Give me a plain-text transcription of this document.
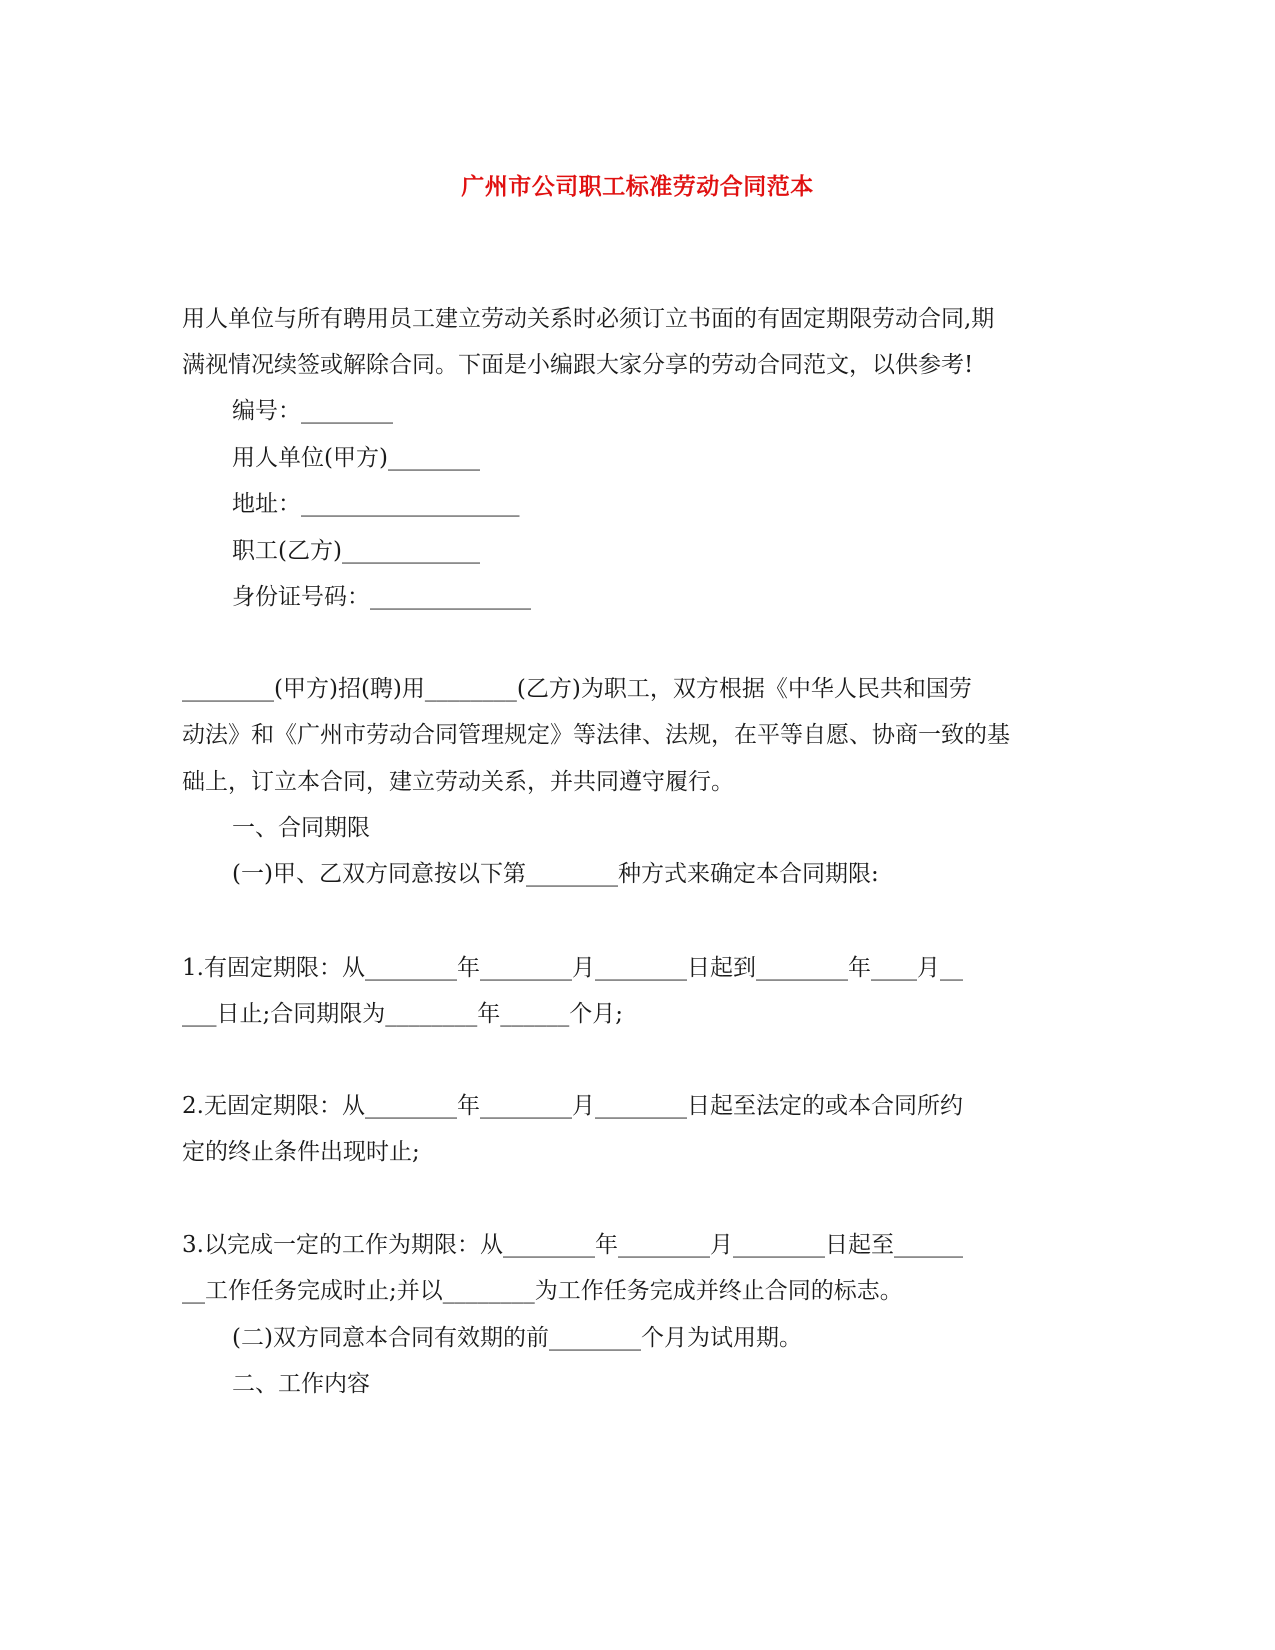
广州市公司职工标准劳动合同范本
用人单位与所有聘用员工建立劳动关系时必须订立书面的有固定期限劳动合同,期
满视情况续签或解除合同。下面是小编跟大家分享的劳动合同范文，以供参考!
编号：________
用人单位(甲方)________
地址：___________________
职工(乙方)____________
身份证号码：______________
________(甲方)招(聘)用________(乙方)为职工，双方根据《中华人民共和国劳
动法》和《广州市劳动合同管理规定》等法律、法规，在平等自愿、协商一致的基
础上，订立本合同，建立劳动关系，并共同遵守履行。
一、合同期限
(一)甲、乙双方同意按以下第________种方式来确定本合同期限:
1.有固定期限：从________年________月________日起到________年____月__
___日止;合同期限为________年______个月;
2.无固定期限：从________年________月________日起至法定的或本合同所约
定的终止条件出现时止;
3.以完成一定的工作为期限：从________年________月________日起至______
__工作任务完成时止;并以________为工作任务完成并终止合同的标志。
(二)双方同意本合同有效期的前________个月为试用期。
二、工作内容
